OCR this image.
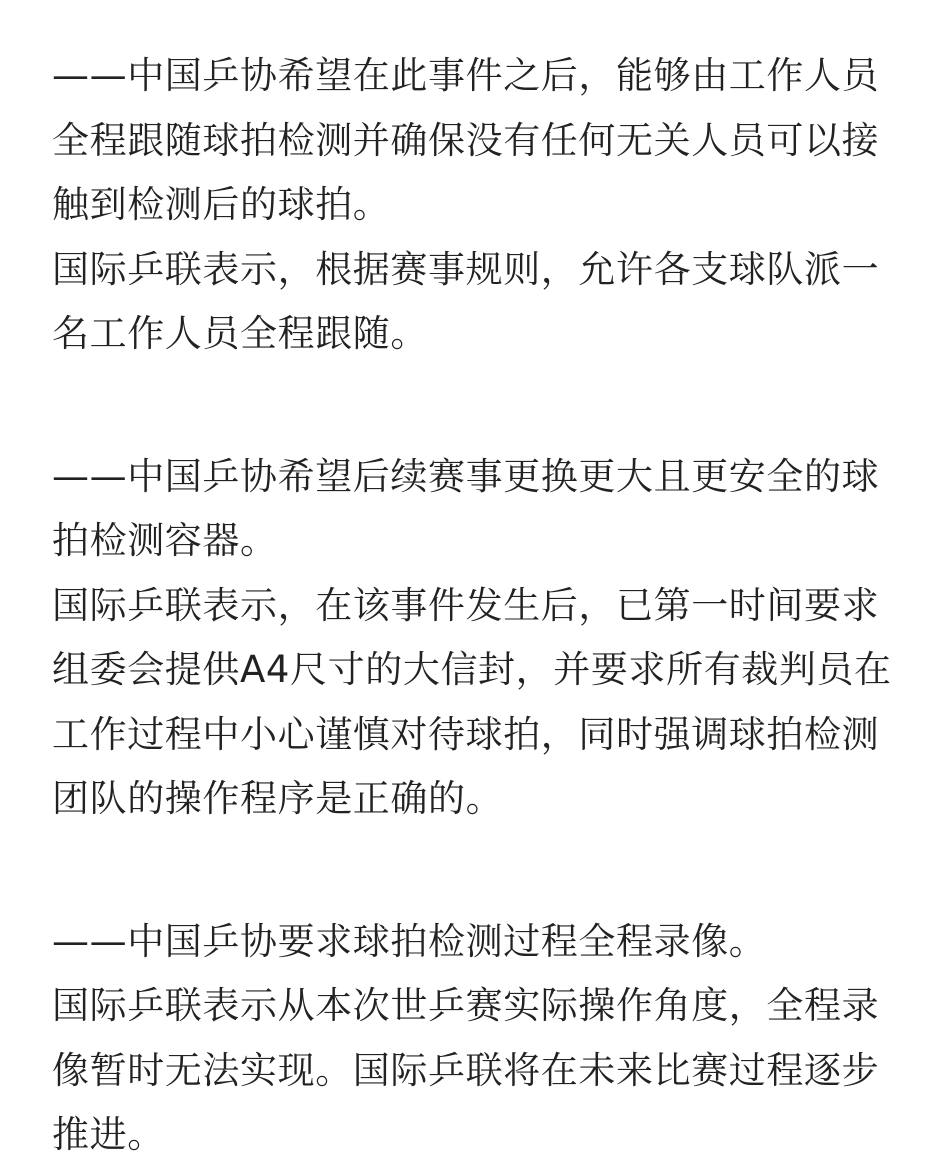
——中国乒协希望在此事件之后，能够由工作人员全程跟随球拍检测并确保没有任何无关人员可以接触到检测后的球拍。

国际乒联表示，根据赛事规则，允许各支球队派一名工作人员全程跟随。

——中国乒协希望后续赛事更换更大且更安全的球拍检测容器。

国际乒联表示，在该事件发生后，已第一时间要求组委会提供A4尺寸的大信封，并要求所有裁判员在工作过程中小心谨慎对待球拍，同时强调球拍检测团队的操作程序是正确的。

——中国乒协要求球拍检测过程全程录像。

国际乒联表示从本次世乒赛实际操作角度，全程录像暂时无法实现。国际乒联将在未来比赛过程逐步推进。
